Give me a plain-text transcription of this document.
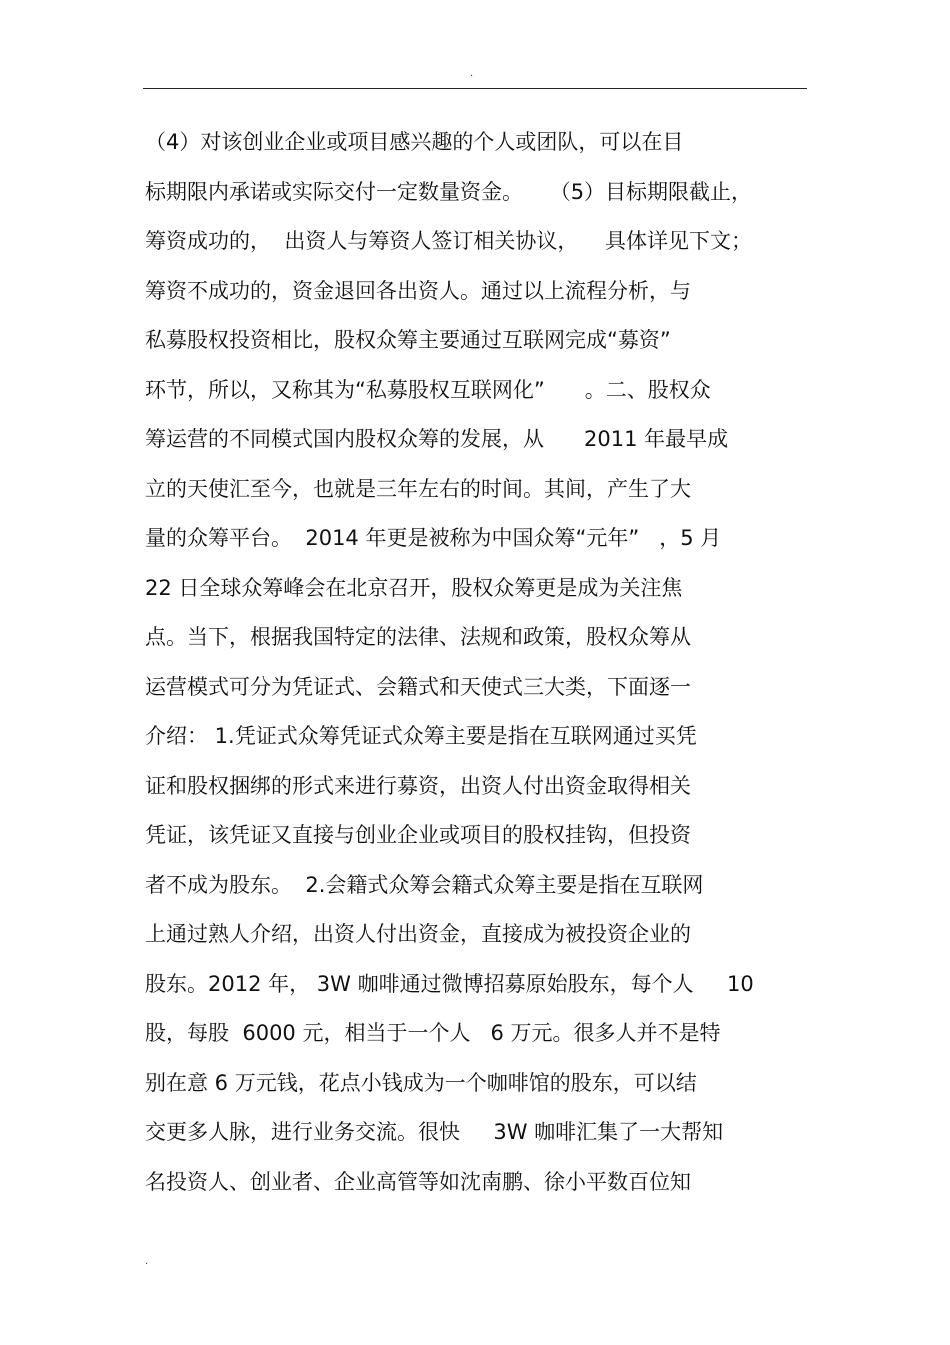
.
（4）对该创业企业或项目感兴趣的个人或团队，可以在目
标期限内承诺或实际交付一定数量资金。    （5）目标期限截止，
筹资成功的，  出资人与筹资人签订相关协议，    具体详见下文；
筹资不成功的，资金退回各出资人。通过以上流程分析，与
私募股权投资相比，股权众筹主要通过互联网完成“募资”
环节，所以，又称其为“私募股权互联网化”      。二、股权众
筹运营的不同模式国内股权众筹的发展，从      2011 年最早成
立的天使汇至今，也就是三年左右的时间。其间，产生了大
量的众筹平台。  2014 年更是被称为中国众筹“元年”   ，5 月
22 日全球众筹峰会在北京召开，股权众筹更是成为关注焦
点。当下，根据我国特定的法律、法规和政策，股权众筹从
运营模式可分为凭证式、会籍式和天使式三大类，下面逐一
介绍： 1.凭证式众筹凭证式众筹主要是指在互联网通过买凭
证和股权捆绑的形式来进行募资，出资人付出资金取得相关
凭证，该凭证又直接与创业企业或项目的股权挂钩，但投资
者不成为股东。  2.会籍式众筹会籍式众筹主要是指在互联网
上通过熟人介绍，出资人付出资金，直接成为被投资企业的
股东。2012 年， 3W 咖啡通过微博招募原始股东，每个人     10
股，每股  6000 元，相当于一个人   6 万元。很多人并不是特
别在意 6 万元钱，花点小钱成为一个咖啡馆的股东，可以结
交更多人脉，进行业务交流。很快     3W 咖啡汇集了一大帮知
名投资人、创业者、企业高管等如沈南鹏、徐小平数百位知
.
